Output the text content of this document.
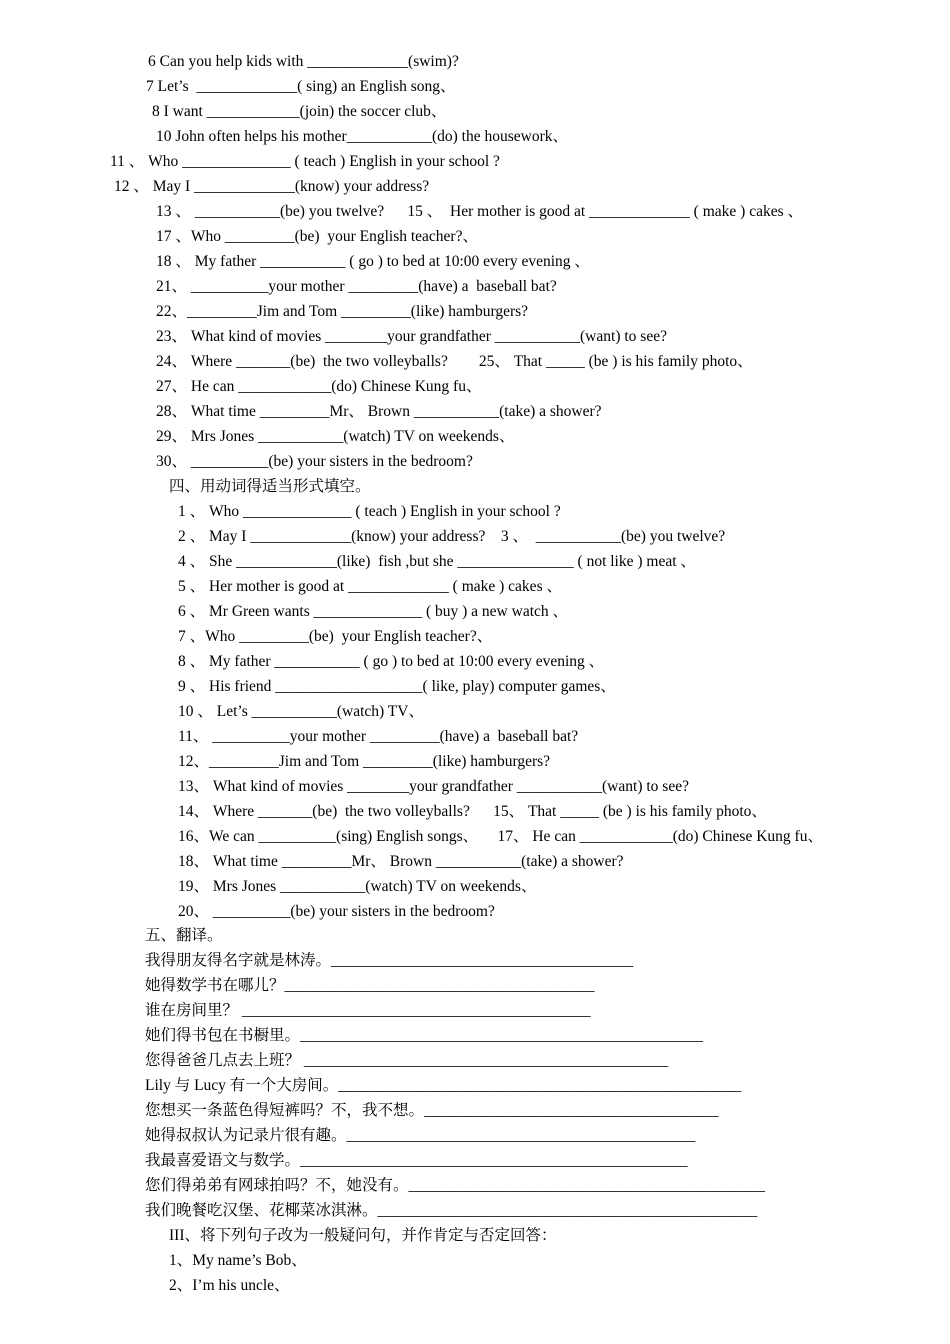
6 Can you help kids with _____________(swim)?
7 Let’s  _____________( sing) an English song、
8 I want ____________(join) the soccer club、
10 John often helps his mother___________(do) the housework、
11 、 Who ______________ ( teach ) English in your school ?
12 、 May I _____________(know) your address?
13 、 ___________(be) you twelve?      15 、  Her mother is good at _____________ ( make ) cakes 、
17 、Who _________(be)  your English teacher?、
18 、 My father ___________ ( go ) to bed at 10:00 every evening 、
21、 __________your mother _________(have) a  baseball bat?
22、_________Jim and Tom _________(like) hamburgers?
23、 What kind of movies ________your grandfather ___________(want) to see?
24、 Where _______(be)  the two volleyballs?        25、 That _____ (be ) is his family photo、
27、 He can ____________(do) Chinese Kung fu、
28、 What time _________Mr、 Brown ___________(take) a shower?
29、 Mrs Jones ___________(watch) TV on weekends、
30、 __________(be) your sisters in the bedroom?
四、用动词得适当形式填空。
1 、 Who ______________ ( teach ) English in your school ?
2 、 May I _____________(know) your address?    3 、  ___________(be) you twelve?
4 、 She _____________(like)  fish ,but she _______________ ( not like ) meat 、
5 、 Her mother is good at _____________ ( make ) cakes 、
6 、 Mr Green wants ______________ ( buy ) a new watch 、
7 、Who _________(be)  your English teacher?、
8 、 My father ___________ ( go ) to bed at 10:00 every evening 、
9 、 His friend ___________________( like, play) computer games、
10 、 Let’s ___________(watch) TV、
11、 __________your mother _________(have) a  baseball bat?
12、_________Jim and Tom _________(like) hamburgers?
13、 What kind of movies ________your grandfather ___________(want) to see?
14、 Where _______(be)  the two volleyballs?      15、 That _____ (be ) is his family photo、
16、We can __________(sing) English songs、     17、 He can ____________(do) Chinese Kung fu、
18、 What time _________Mr、 Brown ___________(take) a shower?
19、 Mrs Jones ___________(watch) TV on weekends、
20、 __________(be) your sisters in the bedroom?
五、翻译。
我得朋友得名字就是林涛。_______________________________________
她得数学书在哪儿？________________________________________
谁在房间里？ _____________________________________________
她们得书包在书橱里。____________________________________________________
您得爸爸几点去上班？ _______________________________________________
Lily 与 Lucy 有一个大房间。____________________________________________________
您想买一条蓝色得短裤吗？不，我不想。______________________________________
她得叔叔认为记录片很有趣。_____________________________________________
我最喜爱语文与数学。__________________________________________________
您们得弟弟有网球拍吗？不，她没有。______________________________________________
我们晚餐吃汉堡、花椰菜冰淇淋。_________________________________________________
III、将下列句子改为一般疑问句，并作肯定与否定回答：
1、My name’s Bob、
2、I’m his uncle、
